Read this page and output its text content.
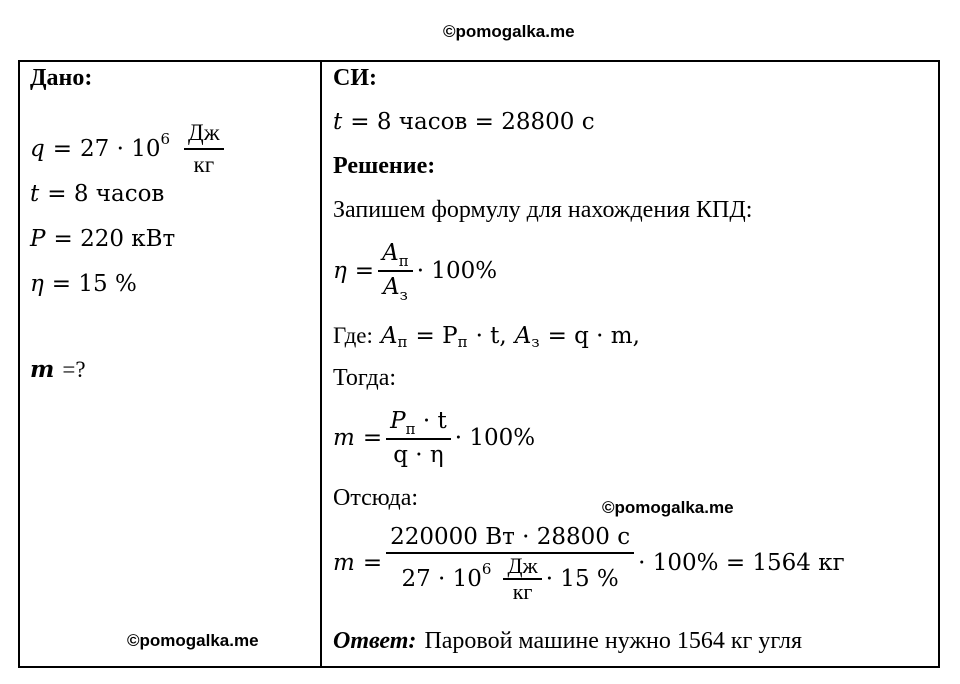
©pomogalka.me
©pomogalka.me
©pomogalka.me
Дано:
q = 27 · 10 $6 \frac{Дж}{кг}$
t = 8 часов
P = 220 кВт
η = 15 %
m =?
СИ:
t = 8 часов = 28800 с
Решение:
Запишем формулу для нахождения КПД:
$\eta = \frac{A_п}{A_з} \cdot 100\%$
Где: A п = P п · t, A з = q · m,
Тогда:
$m = \frac{P_п \cdot t}{q \cdot \eta} \cdot 100\%$
Отсюда:
$m = \frac{220000 Вт \cdot 28800 с}{27 \cdot 10 6 \frac{Дж}{кг} \cdot 15 \%} \cdot 100\% = 1564$ кг
Ответ: Паровой машине нужно 1564 кг угля
